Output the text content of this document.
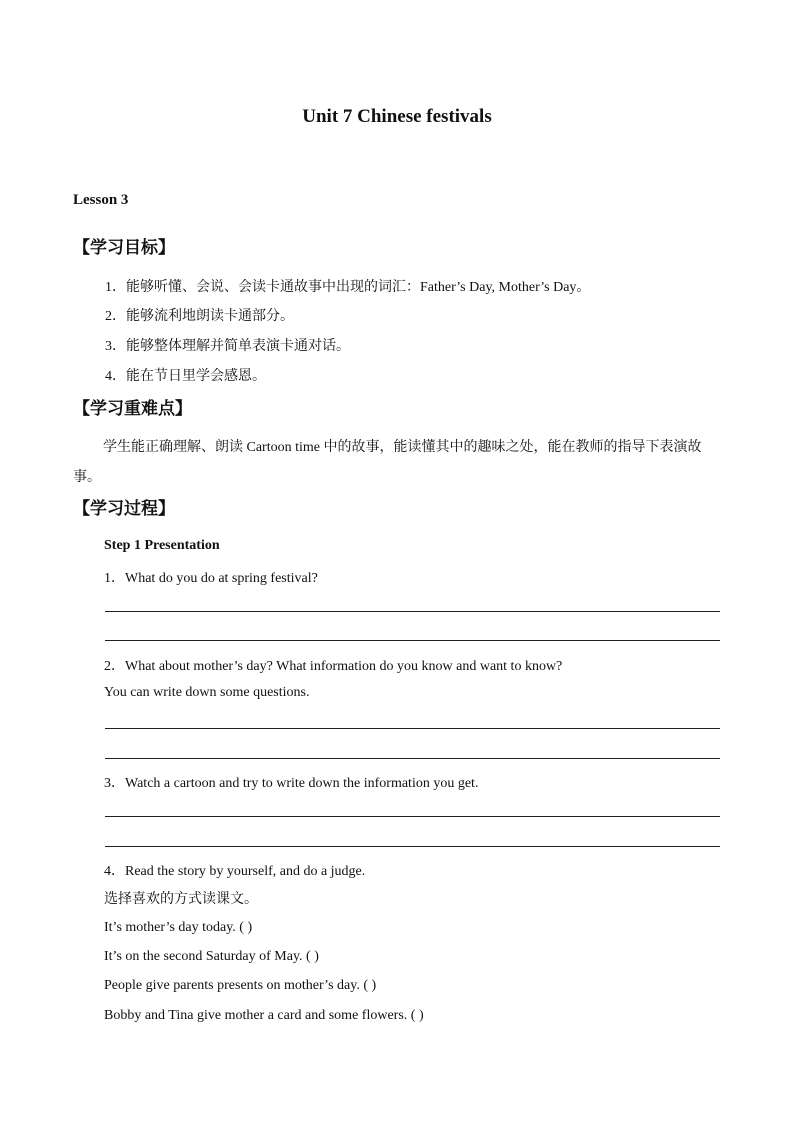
Unit 7 Chinese festivals
Lesson 3
【学习目标】
1．能够听懂、会说、会读卡通故事中出现的词汇：Father’s Day, Mother’s Day。
2．能够流利地朗读卡通部分。
3．能够整体理解并简单表演卡通对话。
4．能在节日里学会感恩。
【学习重难点】
学生能正确理解、朗读 Cartoon time 中的故事，能读懂其中的趣味之处，能在教师的指导下表演故事。
【学习过程】
Step 1 Presentation
1．What do you do at spring festival?
2．What about mother’s day? What information do you know and want to know?
You can write down some questions.
3．Watch a cartoon and try to write down the information you get.
4．Read the story by yourself, and do a judge.
选择喜欢的方式读课文。
It’s mother’s day today. ( )
It’s on the second Saturday of May. ( )
People give parents presents on mother’s day. ( )
Bobby and Tina give mother a card and some flowers. ( )
